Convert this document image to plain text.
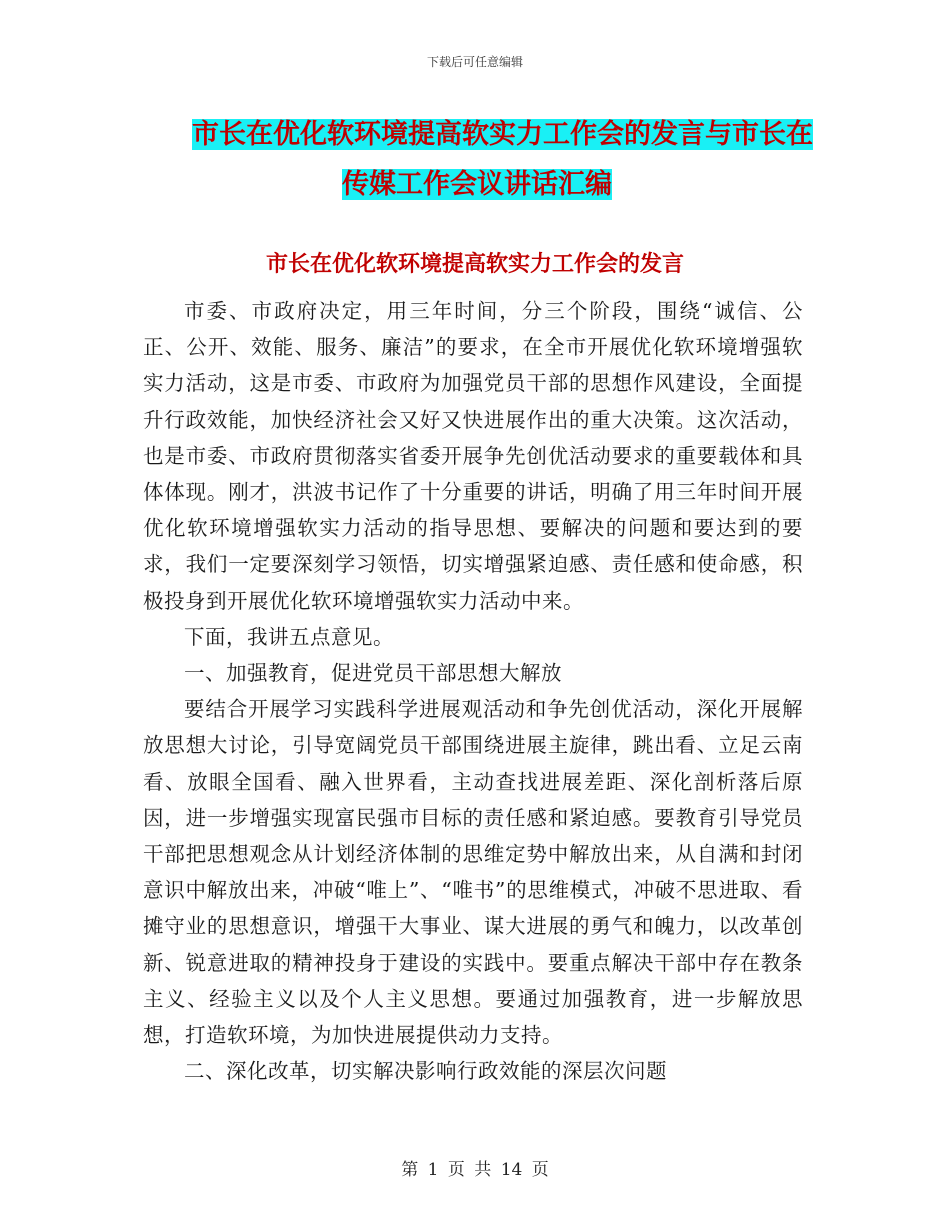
下载后可任意编辑
市长在优化软环境提高软实力工作会的发言与市长在
传媒工作会议讲话汇编
市长在优化软环境提高软实力工作会的发言

市委、市政府决定，用三年时间，分三个阶段，围绕“诚信、公正、公开、效能、服务、廉洁”的要求，在全市开展优化软环境增强软实力活动，这是市委、市政府为加强党员干部的思想作风建设，全面提升行政效能，加快经济社会又好又快进展作出的重大决策。这次活动，也是市委、市政府贯彻落实省委开展争先创优活动要求的重要载体和具体体现。刚才，洪波书记作了十分重要的讲话，明确了用三年时间开展优化软环境增强软实力活动的指导思想、要解决的问题和要达到的要求，我们一定要深刻学习领悟，切实增强紧迫感、责任感和使命感，积极投身到开展优化软环境增强软实力活动中来。

下面，我讲五点意见。

一、加强教育，促进党员干部思想大解放

要结合开展学习实践科学进展观活动和争先创优活动，深化开展解放思想大讨论，引导宽阔党员干部围绕进展主旋律，跳出看、立足云南看、放眼全国看、融入世界看，主动查找进展差距、深化剖析落后原因，进一步增强实现富民强市目标的责任感和紧迫感。要教育引导党员干部把思想观念从计划经济体制的思维定势中解放出来，从自满和封闭意识中解放出来，冲破“唯上”、“唯书”的思维模式，冲破不思进取、看摊守业的思想意识，增强干大事业、谋大进展的勇气和魄力，以改革创新、锐意进取的精神投身于建设的实践中。要重点解决干部中存在教条主义、经验主义以及个人主义思想。要通过加强教育，进一步解放思想，打造软环境，为加快进展提供动力支持。

二、深化改革，切实解决影响行政效能的深层次问题

第 1 页 共 14 页
